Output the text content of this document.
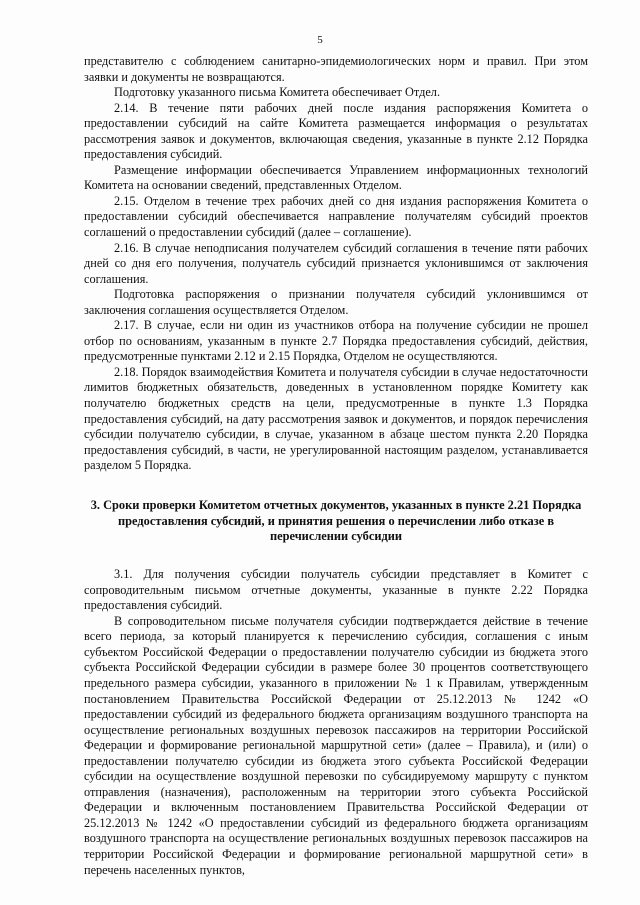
5

представителю с соблюдением санитарно-эпидемиологических норм и правил. При этом заявки и документы не возвращаются.

Подготовку указанного письма Комитета обеспечивает Отдел.

2.14. В течение пяти рабочих дней после издания распоряжения Комитета о предоставлении субсидий на сайте Комитета размещается информация о результатах рассмотрения заявок и документов, включающая сведения, указанные в пункте 2.12 Порядка предоставления субсидий.

Размещение информации обеспечивается Управлением информационных технологий Комитета на основании сведений, представленных Отделом.

2.15. Отделом в течение трех рабочих дней со дня издания распоряжения Комитета о предоставлении субсидий обеспечивается направление получателям субсидий проектов соглашений о предоставлении субсидий (далее – соглашение).

2.16. В случае неподписания получателем субсидий соглашения в течение пяти рабочих дней со дня его получения, получатель субсидий признается уклонившимся от заключения соглашения.

Подготовка распоряжения о признании получателя субсидий уклонившимся от заключения соглашения осуществляется Отделом.

2.17. В случае, если ни один из участников отбора на получение субсидии не прошел отбор по основаниям, указанным в пункте 2.7 Порядка предоставления субсидий, действия, предусмотренные пунктами 2.12 и 2.15 Порядка, Отделом не осуществляются.

2.18. Порядок взаимодействия Комитета и получателя субсидии в случае недостаточности лимитов бюджетных обязательств, доведенных в установленном порядке Комитету как получателю бюджетных средств на цели, предусмотренные в пункте 1.3 Порядка предоставления субсидий, на дату рассмотрения заявок и документов, и порядок перечисления субсидии получателю субсидии, в случае, указанном в абзаце шестом пункта 2.20 Порядка предоставления субсидий, в части, не урегулированной настоящим разделом, устанавливается разделом 5 Порядка.

3. Сроки проверки Комитетом отчетных документов, указанных в пункте 2.21 Порядка предоставления субсидий, и принятия решения о перечислении либо отказе в перечислении субсидии

3.1. Для получения субсидии получатель субсидии представляет в Комитет с сопроводительным письмом отчетные документы, указанные в пункте 2.22 Порядка предоставления субсидий.

В сопроводительном письме получателя субсидии подтверждается действие в течение всего периода, за который планируется к перечислению субсидия, соглашения с иным субъектом Российской Федерации о предоставлении получателю субсидии из бюджета этого субъекта Российской Федерации субсидии в размере более 30 процентов соответствующего предельного размера субсидии, указанного в приложении № 1 к Правилам, утвержденным постановлением Правительства Российской Федерации от 25.12.2013 № 1242 «О предоставлении субсидий из федерального бюджета организациям воздушного транспорта на осуществление региональных воздушных перевозок пассажиров на территории Российской Федерации и формирование региональной маршрутной сети» (далее – Правила), и (или) о предоставлении получателю субсидии из бюджета этого субъекта Российской Федерации субсидии на осуществление воздушной перевозки по субсидируемому маршруту с пунктом отправления (назначения), расположенным на территории этого субъекта Российской Федерации и включенным постановлением Правительства Российской Федерации от 25.12.2013 № 1242 «О предоставлении субсидий из федерального бюджета организациям воздушного транспорта на осуществление региональных воздушных перевозок пассажиров на территории Российской Федерации и формирование региональной маршрутной сети» в перечень населенных пунктов,
